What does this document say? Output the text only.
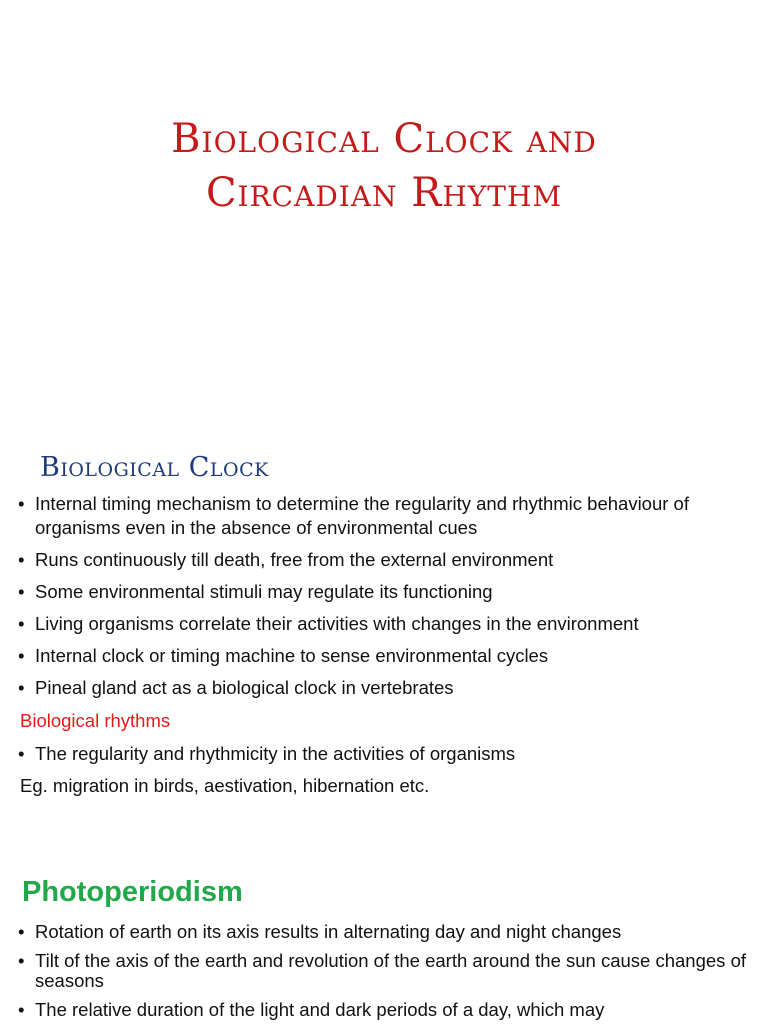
Biological Clock and
Circadian Rhythm
Biological Clock
• Internal timing mechanism to determine the regularity and rhythmic behaviour of organisms even in the absence of environmental cues
• Runs continuously till death, free from the external environment
• Some environmental stimuli may regulate its functioning
• Living organisms correlate their activities with changes in the environment
• Internal clock or timing machine to sense environmental cycles
• Pineal gland act as a biological clock in vertebrates
Biological rhythms
• The regularity and rhythmicity in the activities of organisms
Eg. migration in birds, aestivation, hibernation etc.
Photoperiodism
• Rotation of earth on its axis results in alternating day and night changes
• Tilt of the axis of the earth and revolution of the earth around the sun cause changes of seasons
• The relative duration of the light and dark periods of a day, which may
